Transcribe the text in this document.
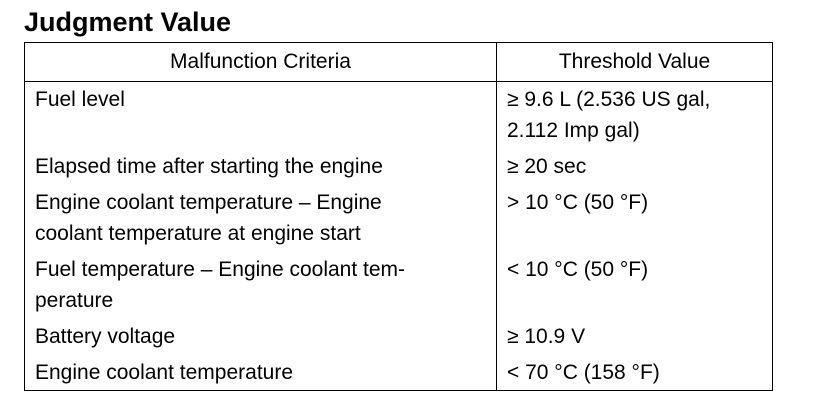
Judgment Value
Malfunction Criteria	Threshold Value
Fuel level	≥ 9.6 L (2.536 US gal,
2.112 Imp gal)
Elapsed time after starting the engine	≥ 20 sec
Engine coolant temperature – Engine
coolant temperature at engine start	> 10 °C (50 °F)
Fuel temperature – Engine coolant tem-
perature	< 10 °C (50 °F)
Battery voltage	≥ 10.9 V
Engine coolant temperature	< 70 °C (158 °F)
